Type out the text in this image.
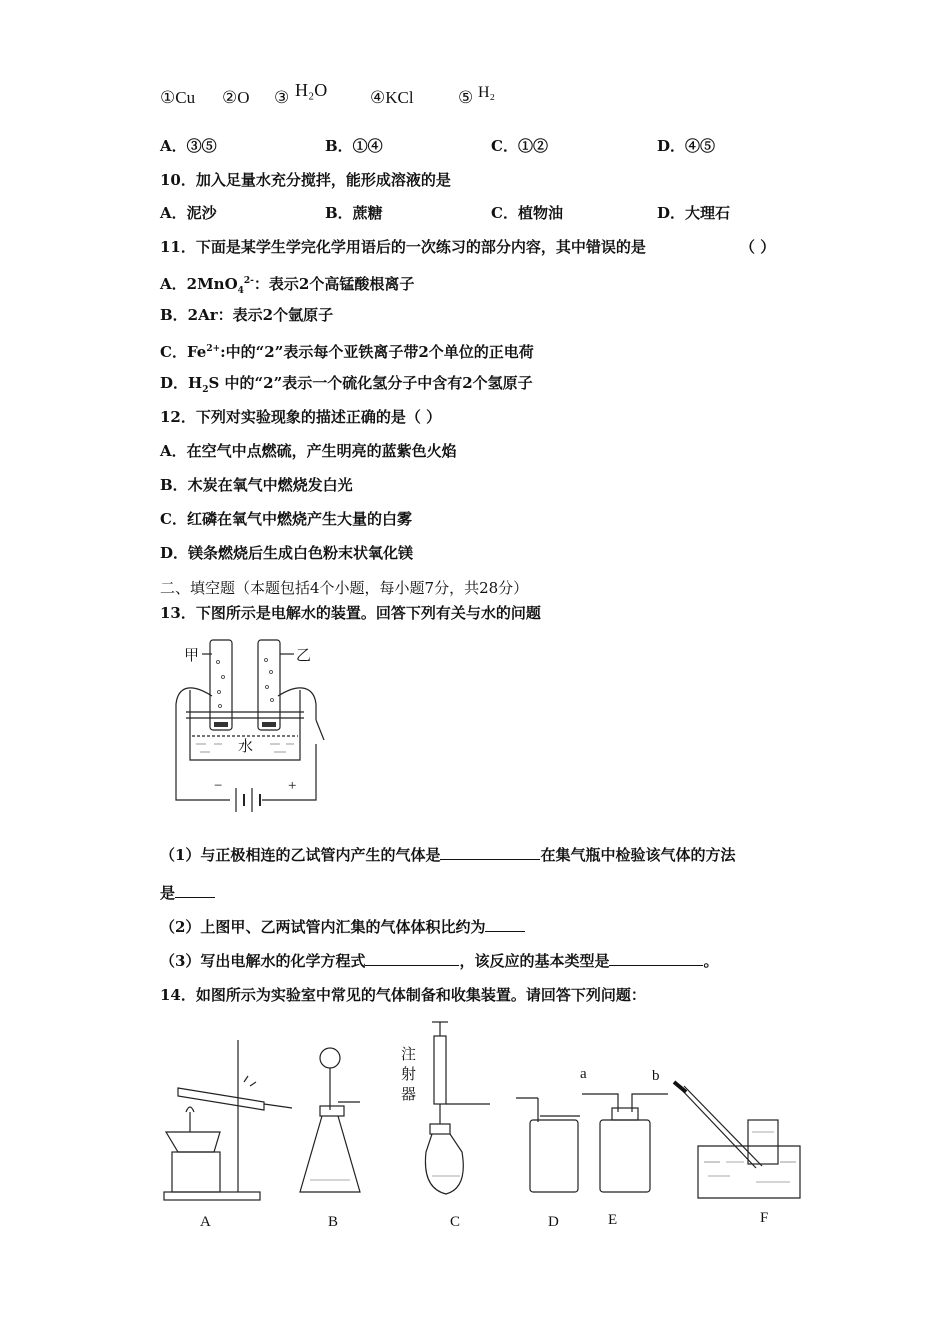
①Cu ②O ③ H₂O	④KCl	⑤ H₂
A．③⑤	B．①④	C．①②	D．④⑤
10．加入足量水充分搅拌，能形成溶液的是
A．泥沙	B．蔗糖	C．植物油	D．大理石
11．下面是某学生学完化学用语后的一次练习的部分内容，其中错误的是	（ ）
A．2MnO$_4^{2-}$：表示2个高锰酸根离子
B．2Ar：表示2个氩原子
C．$Fe^{2+}$:中的“2”表示每个亚铁离子带2个单位的正电荷
D．$H_2S$ 中的“2”表示一个硫化氢分子中含有2个氢原子
12．下列对实验现象的描述正确的是（ ）
A．在空气中点燃硫，产生明亮的蓝紫色火焰
B．木炭在氧气中燃烧发白光
C．红磷在氧气中燃烧产生大量的白雾
D．镁条燃烧后生成白色粉末状氧化镁
二、填空题（本题包括4个小题，每小题7分，共28分）
13．下图所示是电解水的装置。回答下列有关与水的问题
甲	乙
水
−	+
（1）与正极相连的乙试管内产生的气体是	在集气瓶中检验该气体的方法
是
（2）上图甲、乙两试管内汇集的气体体积比约为
（3）写出电解水的化学方程式	，该反应的基本类型是	。
14．如图所示为实验室中常见的气体制备和收集装置。请回答下列问题：
注
射
器
a	b
A	B	C	D	E	F
